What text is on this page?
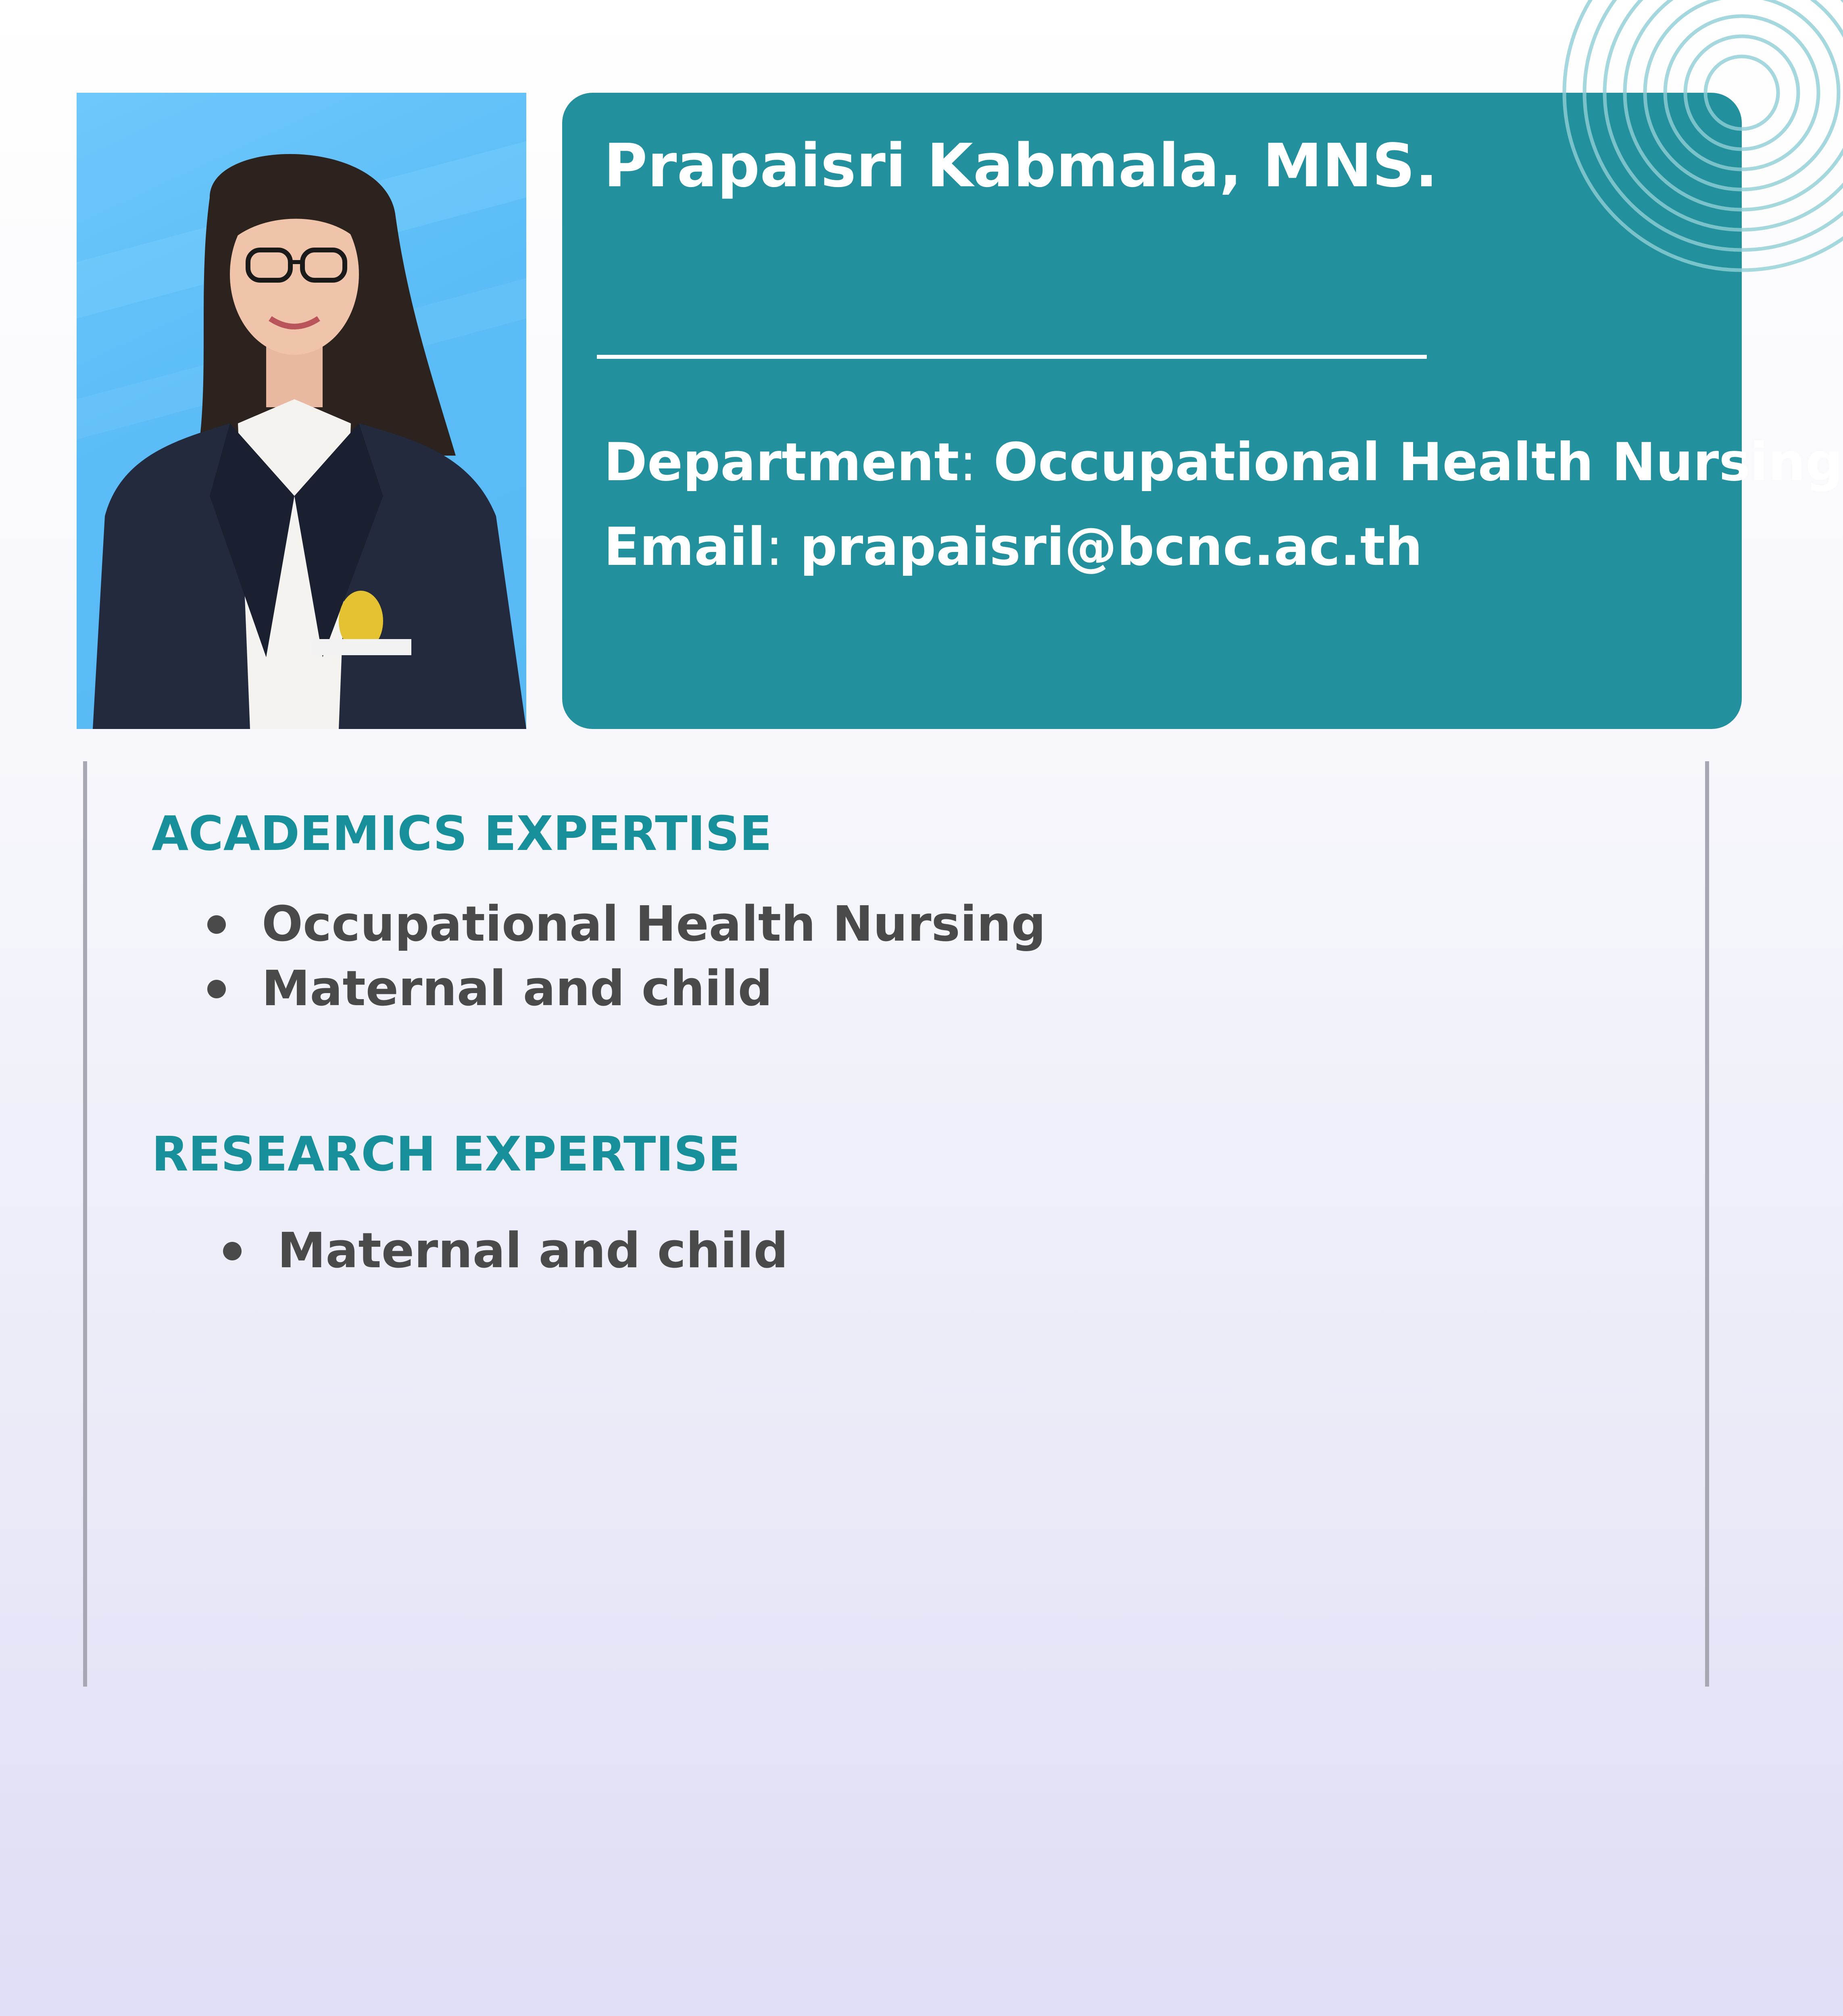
Prapaisri Kabmala, MNS.
Department: Occupational Health Nursing
Email: prapaisri@bcnc.ac.th
ACADEMICS EXPERTISE
Occupational Health Nursing
Maternal and child
RESEARCH EXPERTISE
Maternal and child
